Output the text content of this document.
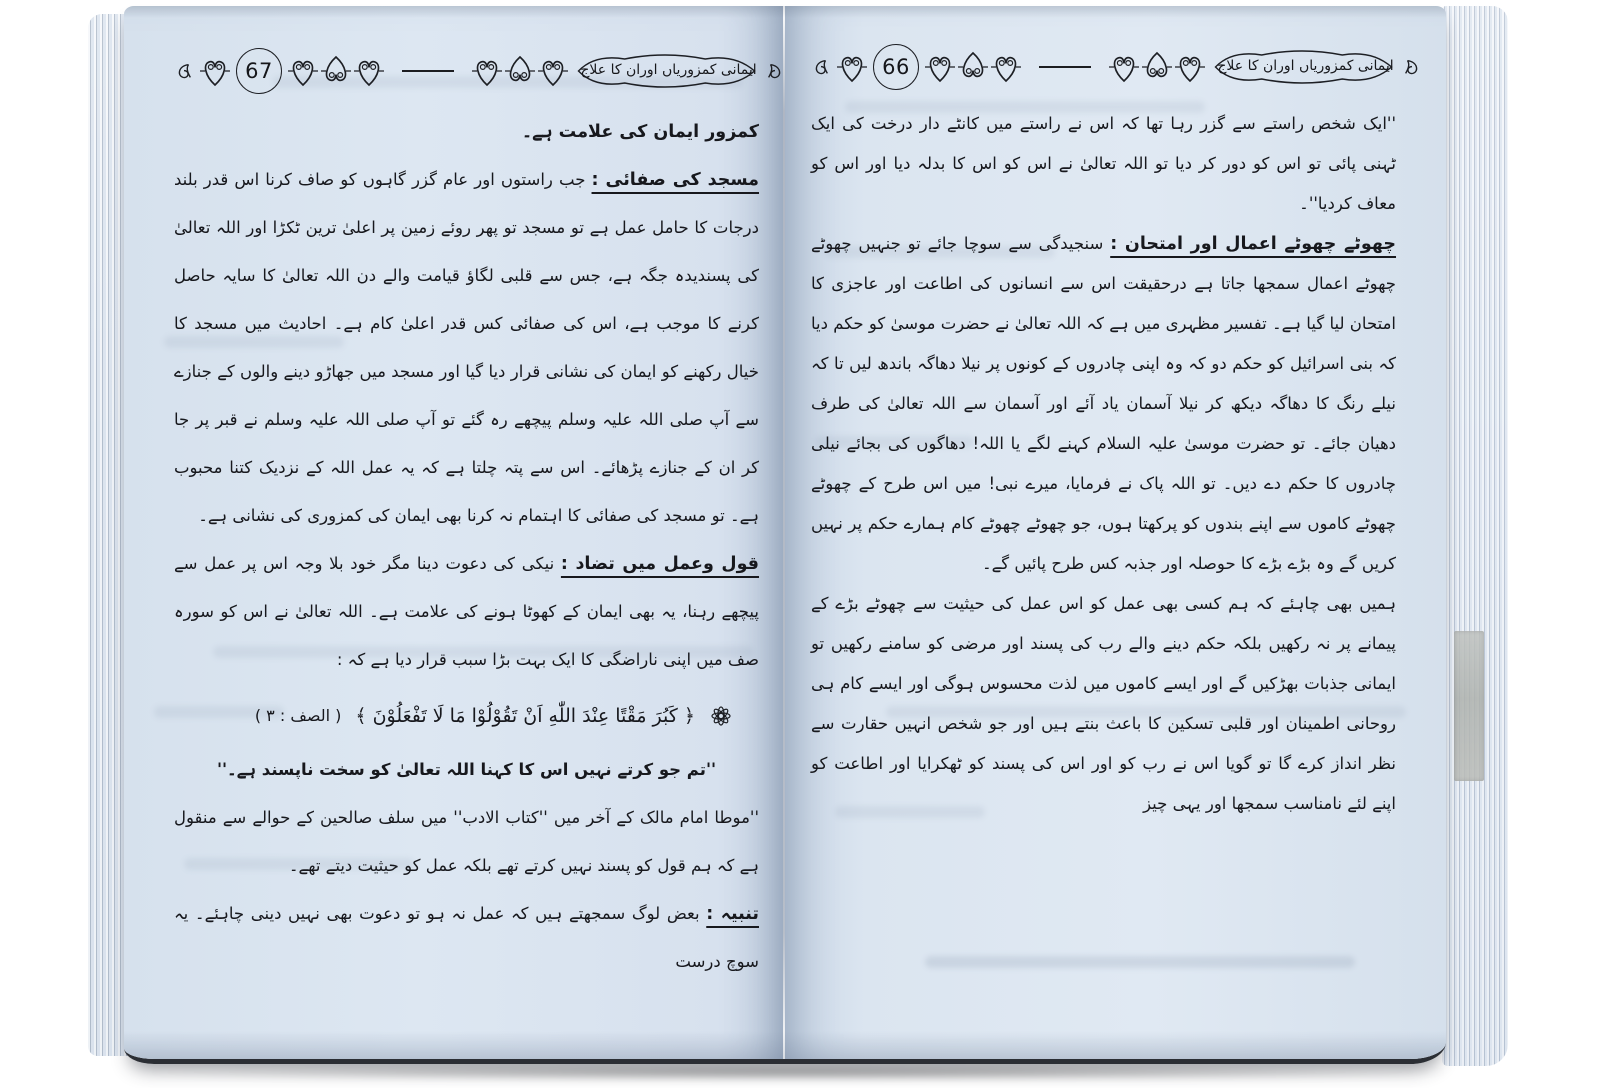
67	ایمانی کمزوریاں اوران کا علاج

کمزور ایمان کی علامت ہے۔

مسجد کی صفائی : جب راستوں اور عام گزر گاہوں کو صاف کرنا اس قدر بلند درجات کا حامل عمل ہے تو مسجد تو پھر روئے زمین پر اعلیٰ ترین ٹکڑا اور اللہ تعالیٰ کی پسندیدہ جگہ ہے، جس سے قلبی لگاؤ قیامت والے دن اللہ تعالیٰ کا سایہ حاصل کرنے کا موجب ہے، اس کی صفائی کس قدر اعلیٰ کام ہے۔ احادیث میں مسجد کا خیال رکھنے کو ایمان کی نشانی قرار دیا گیا اور مسجد میں جھاڑو دینے والوں کے جنازے سے آپ صلی اللہ علیہ وسلم پیچھے رہ گئے تو آپ صلی اللہ علیہ وسلم نے قبر پر جا کر ان کے جنازے پڑھائے۔ اس سے پتہ چلتا ہے کہ یہ عمل اللہ کے نزدیک کتنا محبوب ہے۔ تو مسجد کی صفائی کا اہتمام نہ کرنا بھی ایمان کی کمزوری کی نشانی ہے۔

قول وعمل میں تضاد : نیکی کی دعوت دینا مگر خود بلا وجہ اس پر عمل سے پیچھے رہنا، یہ بھی ایمان کے کھوٹا ہونے کی علامت ہے۔ اللہ تعالیٰ نے اس کو سورہ صف میں اپنی ناراضگی کا ایک بہت بڑا سبب قرار دیا ہے کہ :

﴿ کَبُرَ مَقْتًا عِنْدَ اللّٰهِ اَنْ تَقُوْلُوْا مَا لَا تَفْعَلُوْنَ ﴾
( الصف : ۳ )

''تم جو کرتے نہیں اس کا کہنا اللہ تعالیٰ کو سخت ناپسند ہے۔''

''موطا امام مالک کے آخر میں ''کتاب الادب'' میں سلف صالحین کے حوالے سے منقول ہے کہ ہم قول کو پسند نہیں کرتے تھے بلکہ عمل کو حیثیت دیتے تھے۔

تنبیہ : بعض لوگ سمجھتے ہیں کہ عمل نہ ہو تو دعوت بھی نہیں دینی چاہئے۔ یہ سوچ درست

66	ایمانی کمزوریاں اوران کا علاج

''ایک شخص راستے سے گزر رہا تھا کہ اس نے راستے میں کانٹے دار درخت کی ایک ٹہنی پائی تو اس کو دور کر دیا تو اللہ تعالیٰ نے اس کو اس کا بدلہ دیا اور اس کو معاف کردیا''۔

چھوٹے چھوٹے اعمال اور امتحان : سنجیدگی سے سوچا جائے تو جنہیں چھوٹے چھوٹے اعمال سمجھا جاتا ہے درحقیقت اس سے انسانوں کی اطاعت اور عاجزی کا امتحان لیا گیا ہے۔ تفسیر مظہری میں ہے کہ اللہ تعالیٰ نے حضرت موسیٰ کو حکم دیا کہ بنی اسرائیل کو حکم دو کہ وہ اپنی چادروں کے کونوں پر نیلا دھاگہ باندھ لیں تا کہ نیلے رنگ کا دھاگہ دیکھ کر نیلا آسمان یاد آئے اور آسمان سے اللہ تعالیٰ کی طرف دھیان جائے۔ تو حضرت موسیٰ علیہ السلام کہنے لگے یا اللہ! دھاگوں کی بجائے نیلی چادروں کا حکم دے دیں۔ تو اللہ پاک نے فرمایا، میرے نبی! میں اس طرح کے چھوٹے چھوٹے کاموں سے اپنے بندوں کو پرکھتا ہوں، جو چھوٹے چھوٹے کام ہمارے حکم پر نہیں کریں گے وہ بڑے بڑے کا حوصلہ اور جذبہ کس طرح پائیں گے۔

ہمیں بھی چاہئے کہ ہم کسی بھی عمل کو اس عمل کی حیثیت سے چھوٹے بڑے کے پیمانے پر نہ رکھیں بلکہ حکم دینے والے رب کی پسند اور مرضی کو سامنے رکھیں تو ایمانی جذبات بھڑکیں گے اور ایسے کاموں میں لذت محسوس ہوگی اور ایسے کام ہی روحانی اطمینان اور قلبی تسکین کا باعث بنتے ہیں اور جو شخص انہیں حقارت سے نظر انداز کرے گا تو گویا اس نے رب کو اور اس کی پسند کو ٹھکرایا اور اطاعت کو اپنے لئے نامناسب سمجھا اور یہی چیز
